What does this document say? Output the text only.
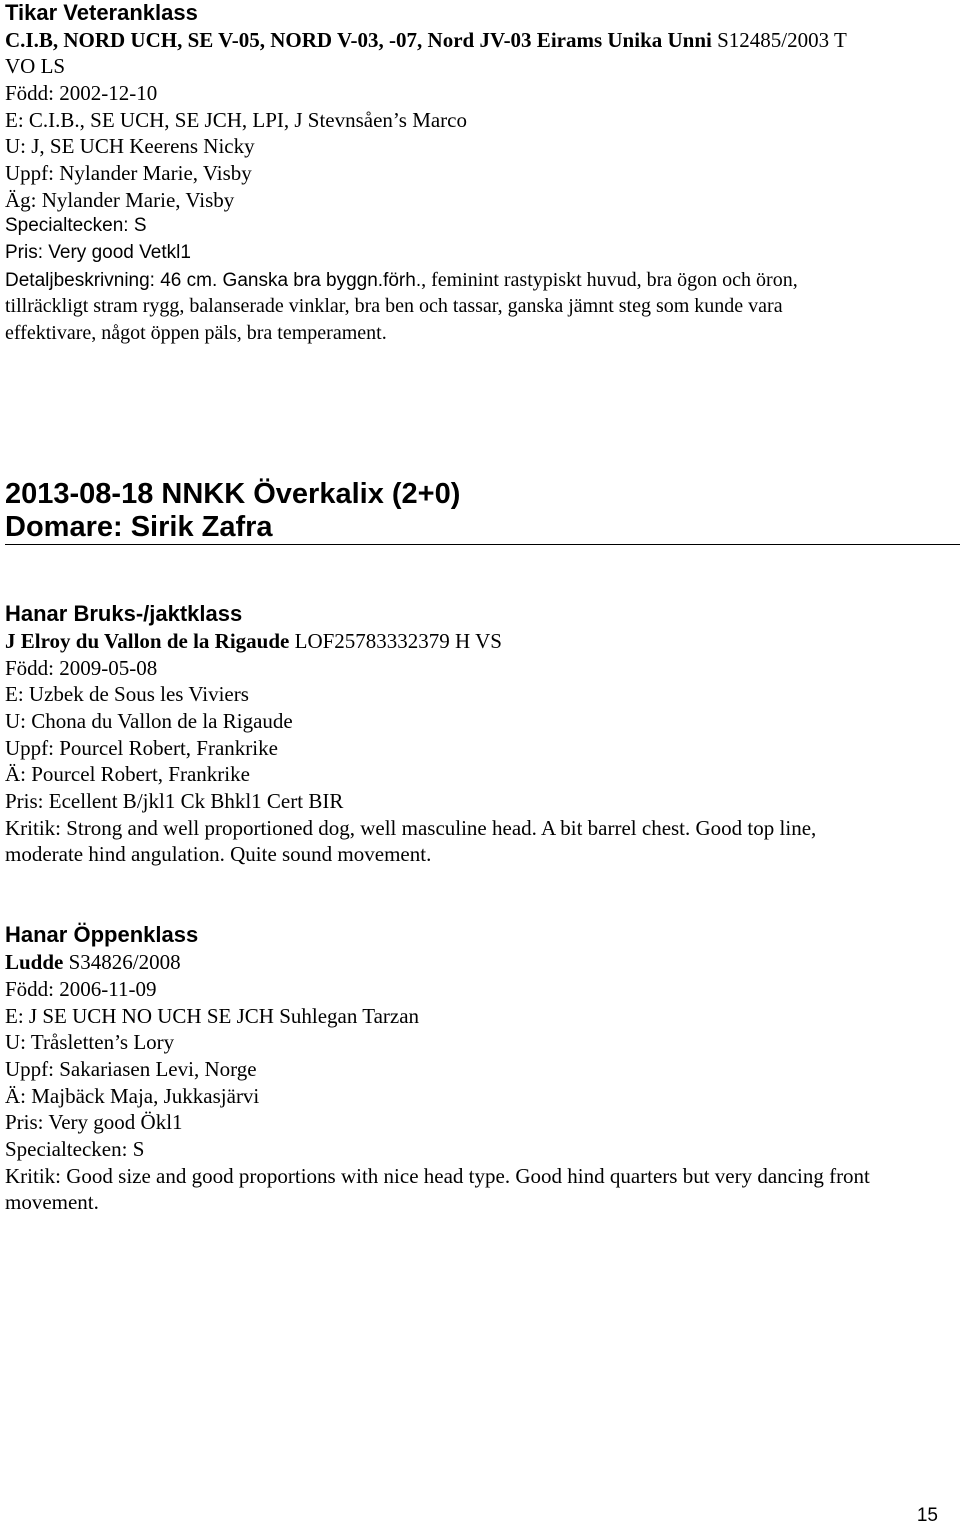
Tikar Veteranklass
C.I.B, NORD UCH, SE V-05, NORD V-03, -07, Nord JV-03 Eirams Unika Unni S12485/2003 T
VO LS
Född: 2002-12-10
E: C.I.B., SE UCH, SE JCH, LPI, J Stevnsåen’s Marco
U: J, SE UCH Keerens Nicky
Uppf: Nylander Marie, Visby
Äg: Nylander Marie, Visby
Specialtecken: S
Pris: Very good Vetkl1
Detaljbeskrivning: 46 cm. Ganska bra byggn.förh., feminint rastypiskt huvud, bra ögon och öron,
tillräckligt stram rygg, balanserade vinklar, bra ben och tassar, ganska jämnt steg som kunde vara
effektivare, något öppen päls, bra temperament.
2013-08-18 NNKK Överkalix (2+0)
Domare: Sirik Zafra
Hanar Bruks-/jaktklass
J Elroy du Vallon de la Rigaude LOF25783332379 H VS
Född: 2009-05-08
E: Uzbek de Sous les Viviers
U: Chona du Vallon de la Rigaude
Uppf: Pourcel Robert, Frankrike
Ä: Pourcel Robert, Frankrike
Pris: Ecellent B/jkl1 Ck Bhkl1 Cert BIR
Kritik: Strong and well proportioned dog, well masculine head. A bit barrel chest. Good top line,
moderate hind angulation. Quite sound movement.
Hanar Öppenklass
Ludde S34826/2008
Född: 2006-11-09
E: J SE UCH NO UCH SE JCH Suhlegan Tarzan
U: Tråsletten’s Lory
Uppf: Sakariasen Levi, Norge
Ä: Majbäck Maja, Jukkasjärvi
Pris: Very good Ökl1
Specialtecken: S
Kritik: Good size and good proportions with nice head type. Good hind quarters but very dancing front
movement.
15
